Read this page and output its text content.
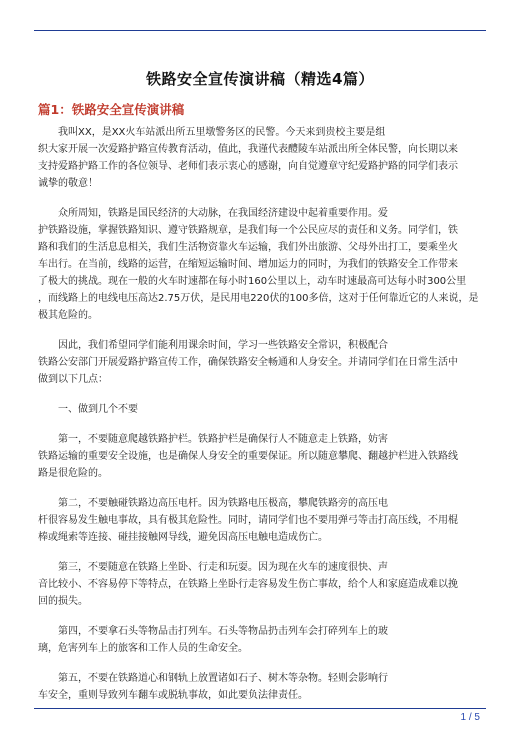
铁路安全宣传演讲稿（精选4篇）
篇1：铁路安全宣传演讲稿

　　我叫XX，是XX火车站派出所五里墩警务区的民警。今天来到贵校主要是组
织大家开展一次爱路护路宣传教育活动，值此，我谨代表醴陵车站派出所全体民警，向长期以来
支持爱路护路工作的各位领导、老师们表示衷心的感谢，向自觉遵章守纪爱路护路的同学们表示
诚挚的敬意！

　　众所周知，铁路是国民经济的大动脉，在我国经济建设中起着重要作用。爱
护铁路设施，掌握铁路知识、遵守铁路规章，是我们每一个公民应尽的责任和义务。同学们，铁
路和我们的生活息息相关，我们生活物资靠火车运输，我们外出旅游、父母外出打工，要乘坐火
车出行。在当前，线路的运营，在缩短运输时间、增加运力的同时，为我们的铁路安全工作带来
了极大的挑战。现在一般的火车时速都在每小时160公里以上，动车时速最高可达每小时300公里
，而线路上的电线电压高达2.75万伏，是民用电220伏的100多倍，这对于任何靠近它的人来说，是
极其危险的。

　　因此，我们希望同学们能利用课余时间，学习一些铁路安全常识，积极配合
铁路公安部门开展爱路护路宣传工作，确保铁路安全畅通和人身安全。并请同学们在日常生活中
做到以下几点：

　　一、做到几个不要

　　第一，不要随意爬越铁路护栏。铁路护栏是确保行人不随意走上铁路，妨害
铁路运输的重要安全设施，也是确保人身安全的重要保证。所以随意攀爬、翻越护栏进入铁路线
路是很危险的。

　　第二，不要触碰铁路边高压电杆。因为铁路电压极高，攀爬铁路旁的高压电
杆很容易发生触电事故，具有极其危险性。同时，请同学们也不要用弹弓等击打高压线，不用棍
棒或绳索等连接、碰挂接触网导线，避免因高压电触电造成伤亡。

　　第三，不要随意在铁路上坐卧、行走和玩耍。因为现在火车的速度很快、声
音比较小、不容易停下等特点，在铁路上坐卧行走容易发生伤亡事故，给个人和家庭造成难以挽
回的损失。

　　第四，不要拿石头等物品击打列车。石头等物品扔击列车会打碎列车上的玻
璃，危害列车上的旅客和工作人员的生命安全。

　　第五，不要在铁路道心和钢轨上放置诸如石子、树木等杂物。轻则会影响行
车安全，重则导致列车翻车或脱轨事故，如此要负法律责任。

1 / 5
